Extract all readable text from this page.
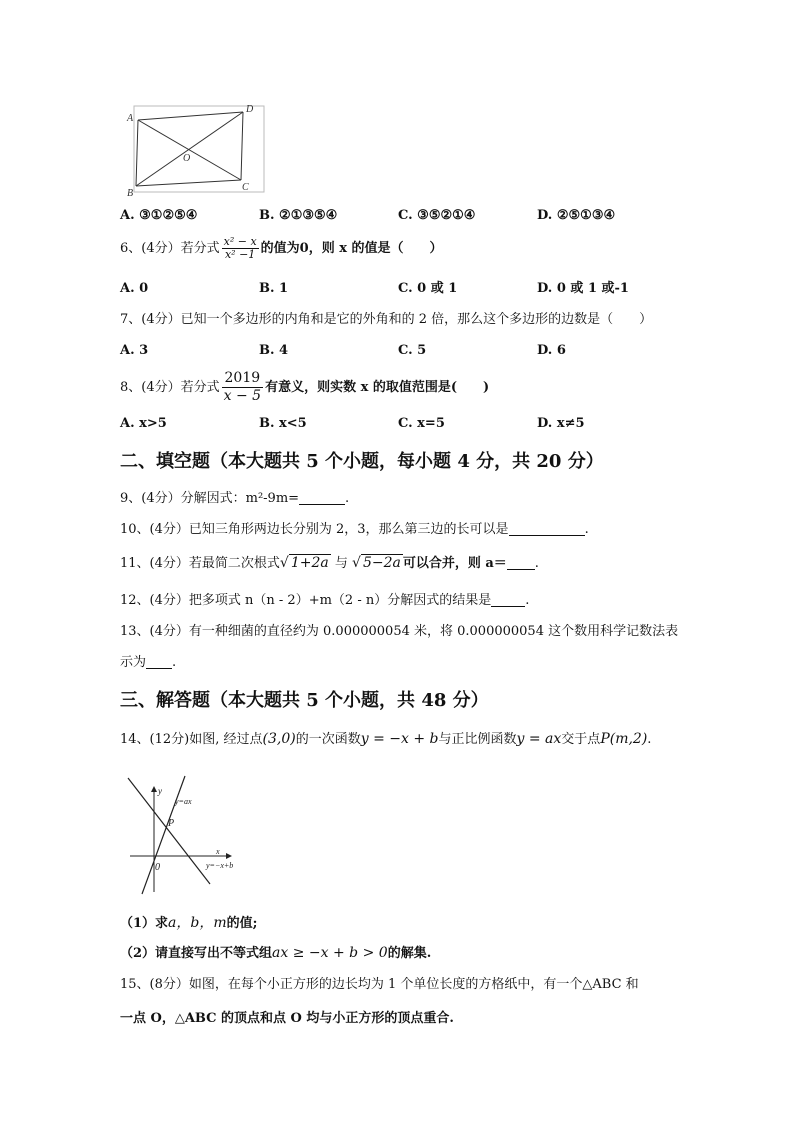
A
D
O
B
C
A. ③①②⑤④	B. ②①③⑤④	C. ③⑤②①④	D. ②⑤①③④
6、(4分）若分式 $\frac{\text{x² − x}}{\text{x² −1}}$ 的值为0，则 x 的值是（　　）
A. 0	B. 1	C. 0 或 1	D. 0 或 1 或-1
7、(4分）已知一个多边形的内角和是它的外角和的 2 倍，那么这个多边形的边数是（　　）
A. 3	B. 4	C. 5	D. 6
8、(4分）若分式 $\frac{2019}{x - 5}$ 有意义，则实数 x 的取值范围是(　　)
A. x>5	B. x<5	C. x=5	D. x≠5
二、填空题（本大题共 5 个小题，每小题 4 分，共 20 分）
9、(4分）分解因式：m²-9m=	.
10、(4分）已知三角形两边长分别为 2，3，那么第三边的长可以是	.
11、(4分）若最简二次根式√ 1+2a 与 √ 5−2a 可以合并，则 a＝ .
12、(4分）把多项式 n（n - 2）+m（2 - n）分解因式的结果是	.
13、(4分）有一种细菌的直径约为 0.000000054 米，将 0.000000054 这个数用科学记数法表
示为 .
三、解答题（本大题共 5 个小题，共 48 分）
14、(12分)如图, 经过点(3,0)的一次函数y = −x + b与正比例函数y = ax交于点P(m,2).
y
y=ax
P
0
x
y=−x+b
（1）求a，b，m的值;
（2）请直接写出不等式组ax ≥ −x + b > 0的解集.
15、(8分）如图，在每个小正方形的边长均为 1 个单位长度的方格纸中，有一个△ABC 和
一点 O，△ABC 的顶点和点 O 均与小正方形的顶点重合.
